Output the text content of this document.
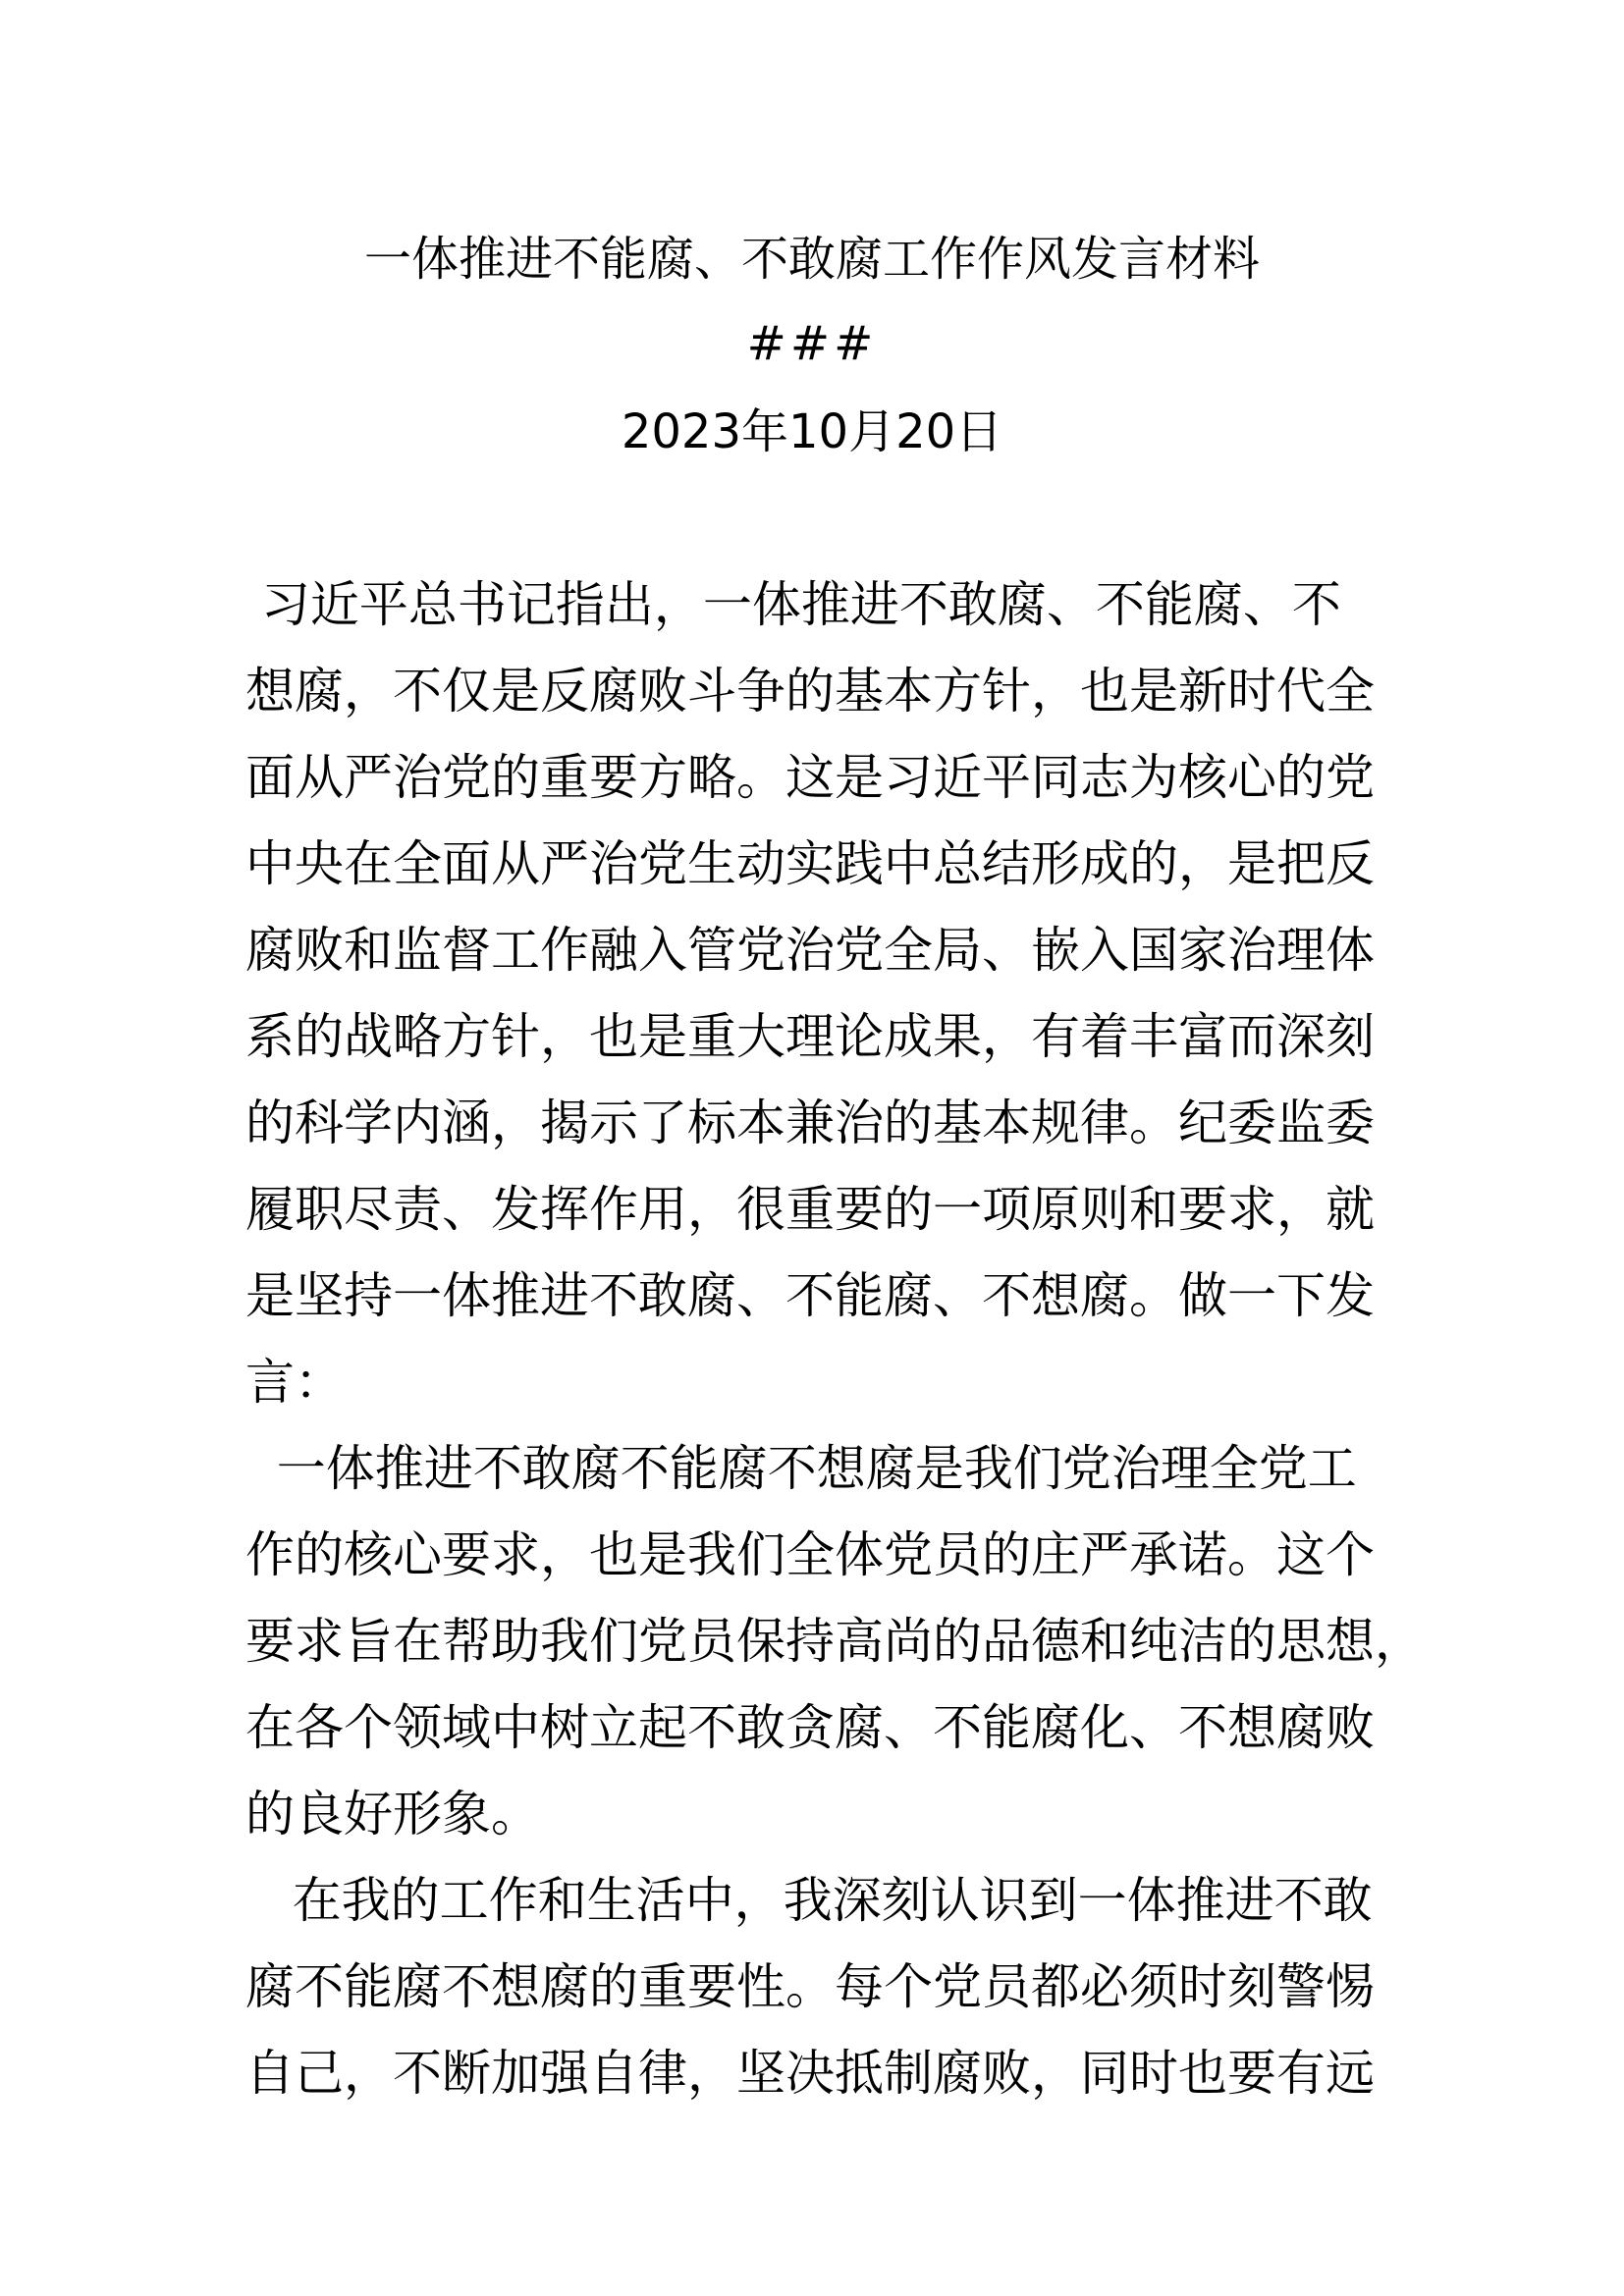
一体推进不能腐、不敢腐工作作风发言材料
###
2023年10月20日
习近平总书记指出，一体推进不敢腐、不能腐、不
想腐，不仅是反腐败斗争的基本方针，也是新时代全
面从严治党的重要方略。这是习近平同志为核心的党
中央在全面从严治党生动实践中总结形成的，是把反
腐败和监督工作融入管党治党全局、嵌入国家治理体
系的战略方针，也是重大理论成果，有着丰富而深刻
的科学内涵，揭示了标本兼治的基本规律。纪委监委
履职尽责、发挥作用，很重要的一项原则和要求，就
是坚持一体推进不敢腐、不能腐、不想腐。做一下发
言：
一体推进不敢腐不能腐不想腐是我们党治理全党工
作的核心要求，也是我们全体党员的庄严承诺。这个
要求旨在帮助我们党员保持高尚的品德和纯洁的思想，
在各个领域中树立起不敢贪腐、不能腐化、不想腐败
的良好形象。
在我的工作和生活中，我深刻认识到一体推进不敢
腐不能腐不想腐的重要性。每个党员都必须时刻警惕
自己，不断加强自律，坚决抵制腐败，同时也要有远
